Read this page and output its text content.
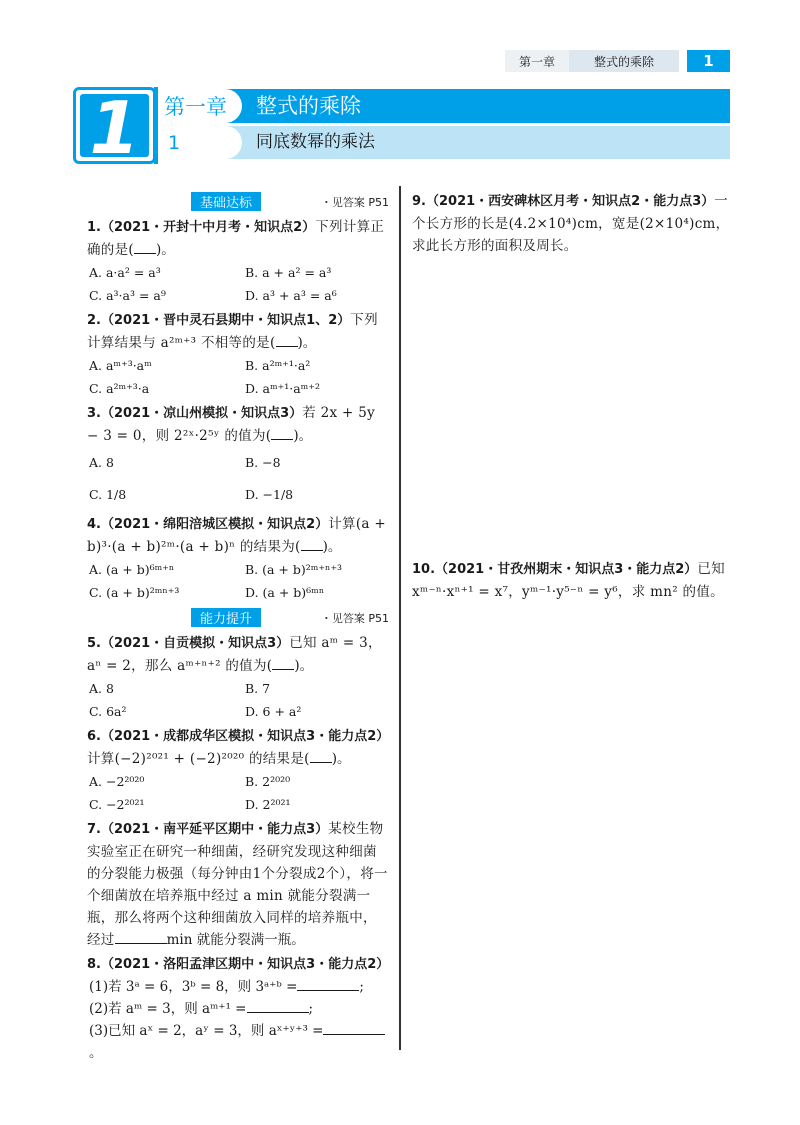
第一章	整式的乘除	1
1	第一章	整式的乘除
1	同底数幂的乘法
基础达标	・见答案 P51

1.（2021・开封十中月考・知识点2）下列计算正确的是( )。

A. a·a² = a³	B. a + a² = a³
C. a³·a³ = a⁹	D. a³ + a³ = a⁶

2.（2021・晋中灵石县期中・知识点1、2）下列计算结果与 a²ᵐ⁺³ 不相等的是( )。

A. aᵐ⁺³·aᵐ	B. a²ᵐ⁺¹·a²
C. a²ᵐ⁺³·a	D. aᵐ⁺¹·aᵐ⁺²

3.（2021・凉山州模拟・知识点3）若 2x + 5y − 3 = 0，则 2²ˣ·2⁵ʸ 的值为( )。

A. 8	B. −8
C. 1/8	D. −1/8

4.（2021・绵阳涪城区模拟・知识点2）计算(a + b)³·(a + b)²ᵐ·(a + b)ⁿ 的结果为( )。

A. (a + b)⁶ᵐ⁺ⁿ	B. (a + b)²ᵐ⁺ⁿ⁺³
C. (a + b)²ᵐⁿ⁺³	D. (a + b)⁶ᵐⁿ
能力提升	・见答案 P51

5.（2021・自贡模拟・知识点3）已知 aᵐ = 3，aⁿ = 2，那么 aᵐ⁺ⁿ⁺² 的值为( )。

A. 8	B. 7
C. 6a²	D. 6 + a²

6.（2021・成都成华区模拟・知识点3・能力点2）计算(−2)²⁰²¹ + (−2)²⁰²⁰ 的结果是( )。

A. −2²⁰²⁰	B. 2²⁰²⁰
C. −2²⁰²¹	D. 2²⁰²¹

7.（2021・南平延平区期中・能力点3）某校生物实验室正在研究一种细菌，经研究发现这种细菌的分裂能力极强（每分钟由1个分裂成2个），将一个细菌放在培养瓶中经过 a min 就能分裂满一瓶，那么将两个这种细菌放入同样的培养瓶中，经过	min 就能分裂满一瓶。

8.（2021・洛阳孟津区期中・知识点3・能力点2）

(1)若 3ᵃ = 6，3ᵇ = 8，则 3ᵃ⁺ᵇ =	;
(2)若 aᵐ = 3，则 aᵐ⁺¹ =	;
(3)已知 aˣ = 2，aʸ = 3，则 aˣ⁺ʸ⁺³ =。

9.（2021・西安碑林区月考・知识点2・能力点3）一个长方形的长是(4.2×10⁴)cm，宽是(2×10⁴)cm，求此长方形的面积及周长。

10.（2021・甘孜州期末・知识点3・能力点2）已知 xᵐ⁻ⁿ·xⁿ⁺¹ = x⁷，yᵐ⁻¹·y⁵⁻ⁿ = y⁶，求 mn² 的值。
